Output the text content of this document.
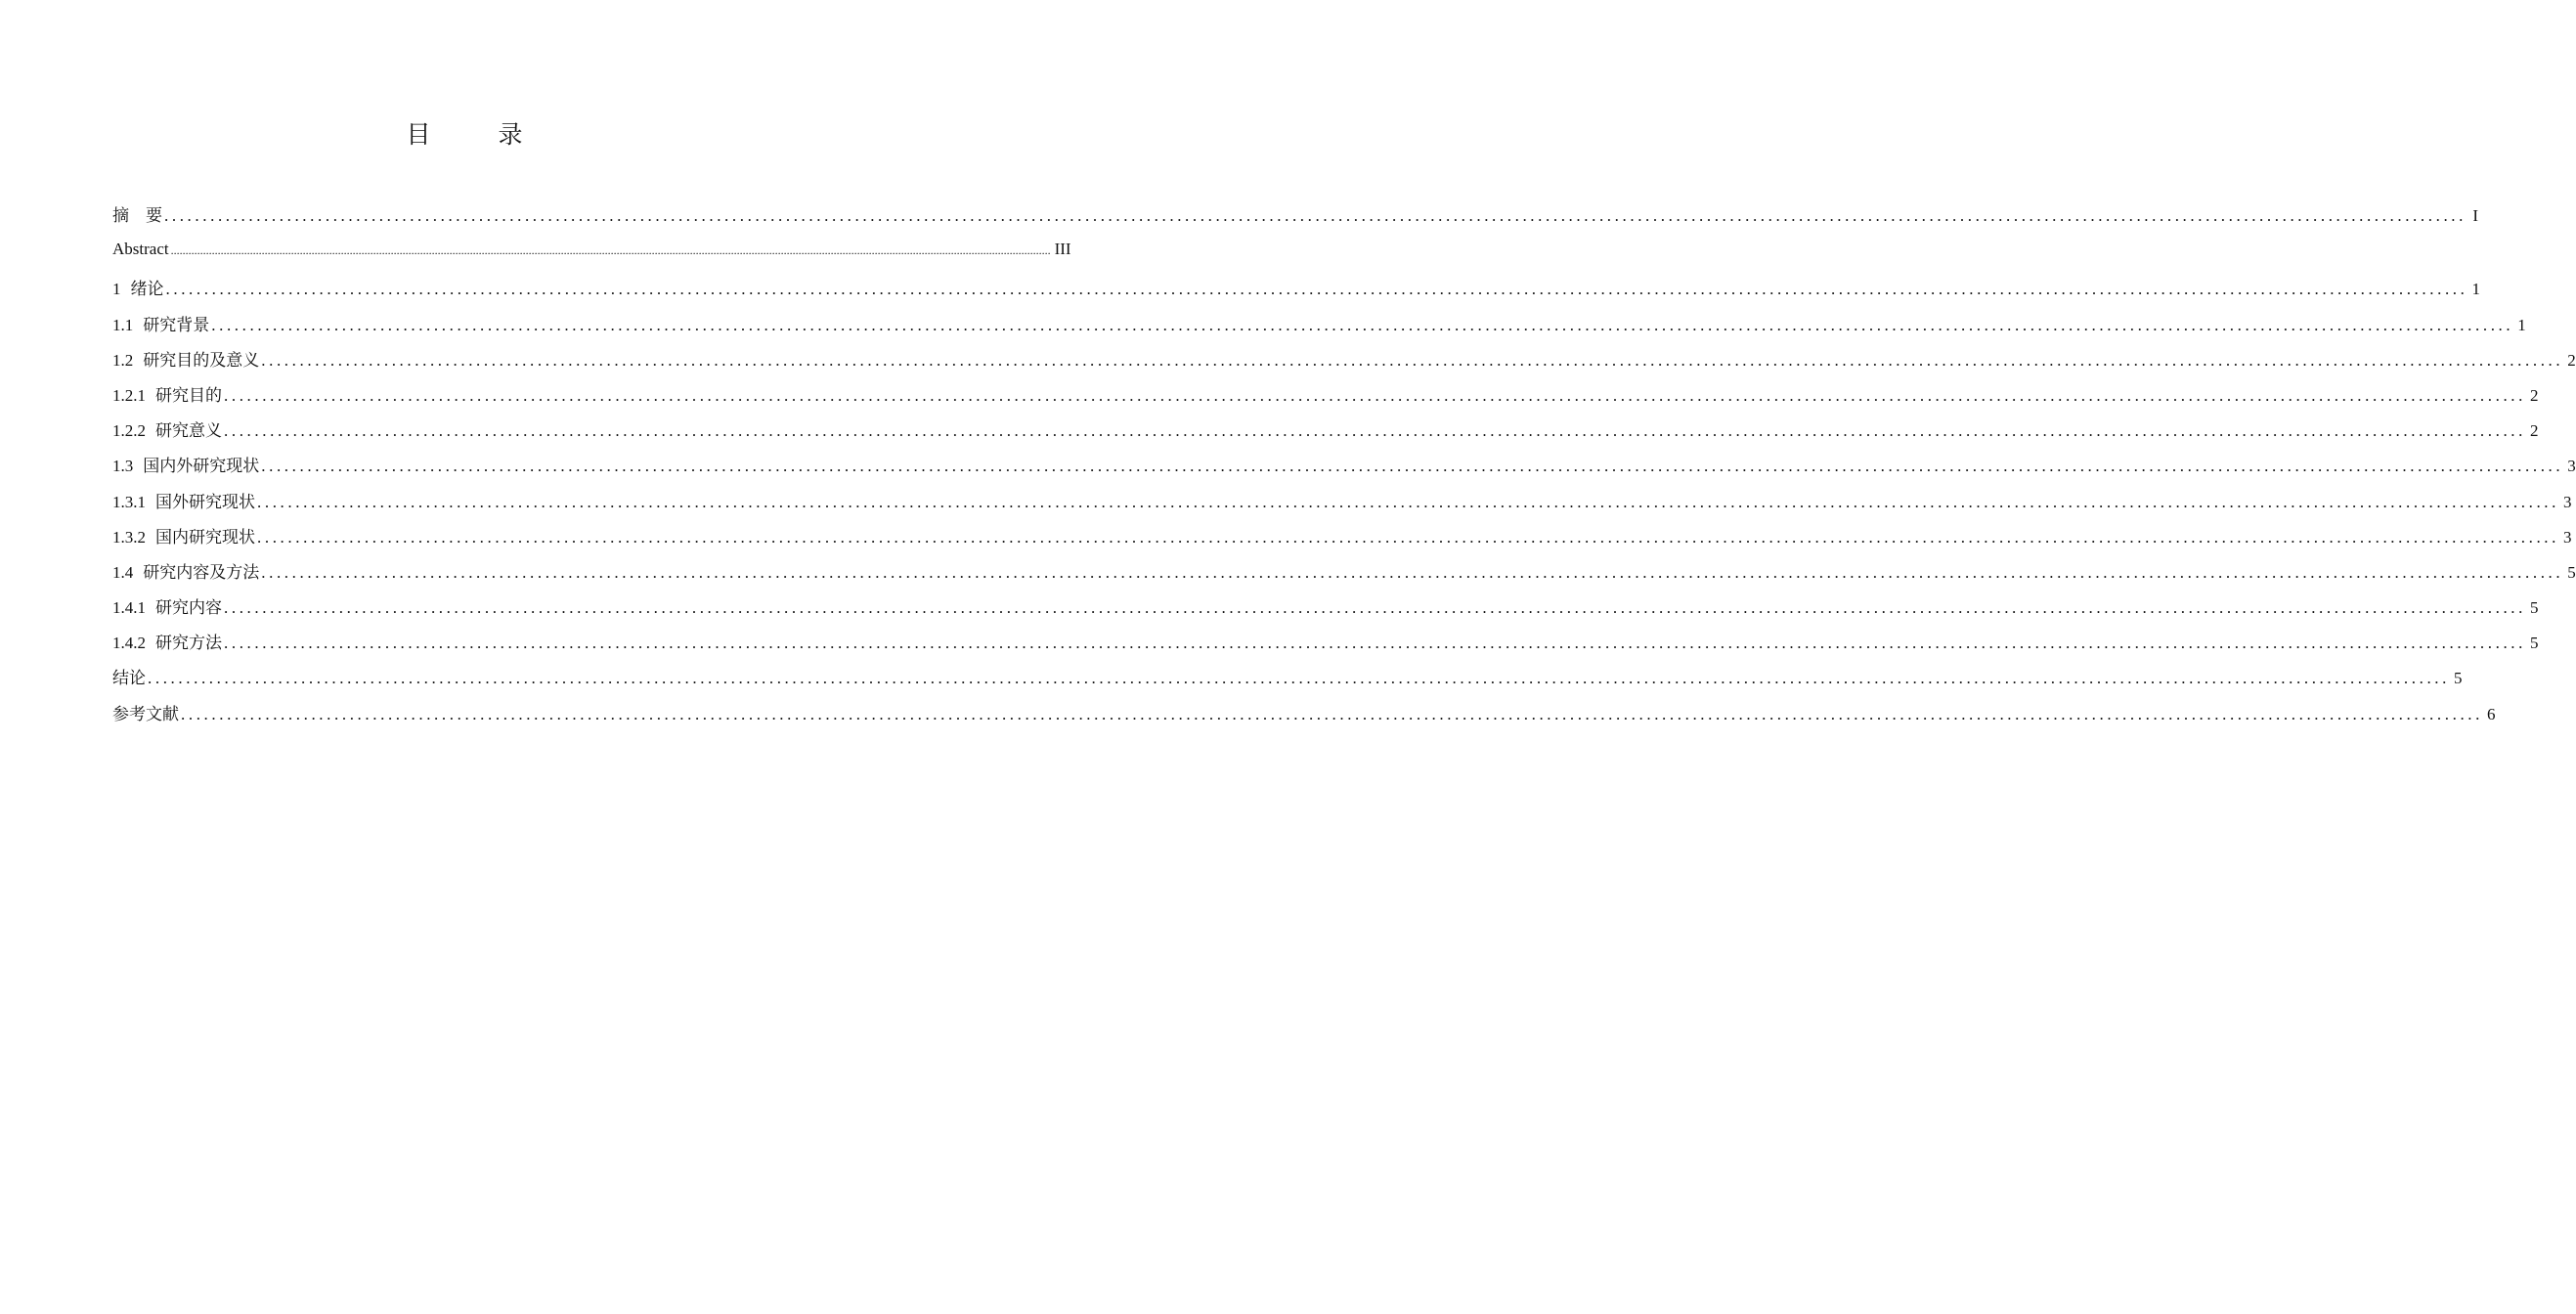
目　录
摘　要 ............................................................................................................................................................................................................................................................................................................ I
Abstract ............................................................................................................................................................................................................................................................................................................ III
1 绪论 ............................................................................................................................................................................................................................................................................................................ 1
1.1 研究背景 ............................................................................................................................................................................................................................................................................................................ 1
1.2 研究目的及意义 ............................................................................................................................................................................................................................................................................................................ 2
1.2.1 研究目的 ............................................................................................................................................................................................................................................................................................................ 2
1.2.2 研究意义 ............................................................................................................................................................................................................................................................................................................ 2
1.3 国内外研究现状 ............................................................................................................................................................................................................................................................................................................ 3
1.3.1 国外研究现状 ............................................................................................................................................................................................................................................................................................................ 3
1.3.2 国内研究现状 ............................................................................................................................................................................................................................................................................................................ 3
1.4 研究内容及方法 ............................................................................................................................................................................................................................................................................................................ 5
1.4.1 研究内容 ............................................................................................................................................................................................................................................................................................................ 5
1.4.2 研究方法 ............................................................................................................................................................................................................................................................................................................ 5
结论 ............................................................................................................................................................................................................................................................................................................ 5
参考文献 ............................................................................................................................................................................................................................................................................................................ 6
